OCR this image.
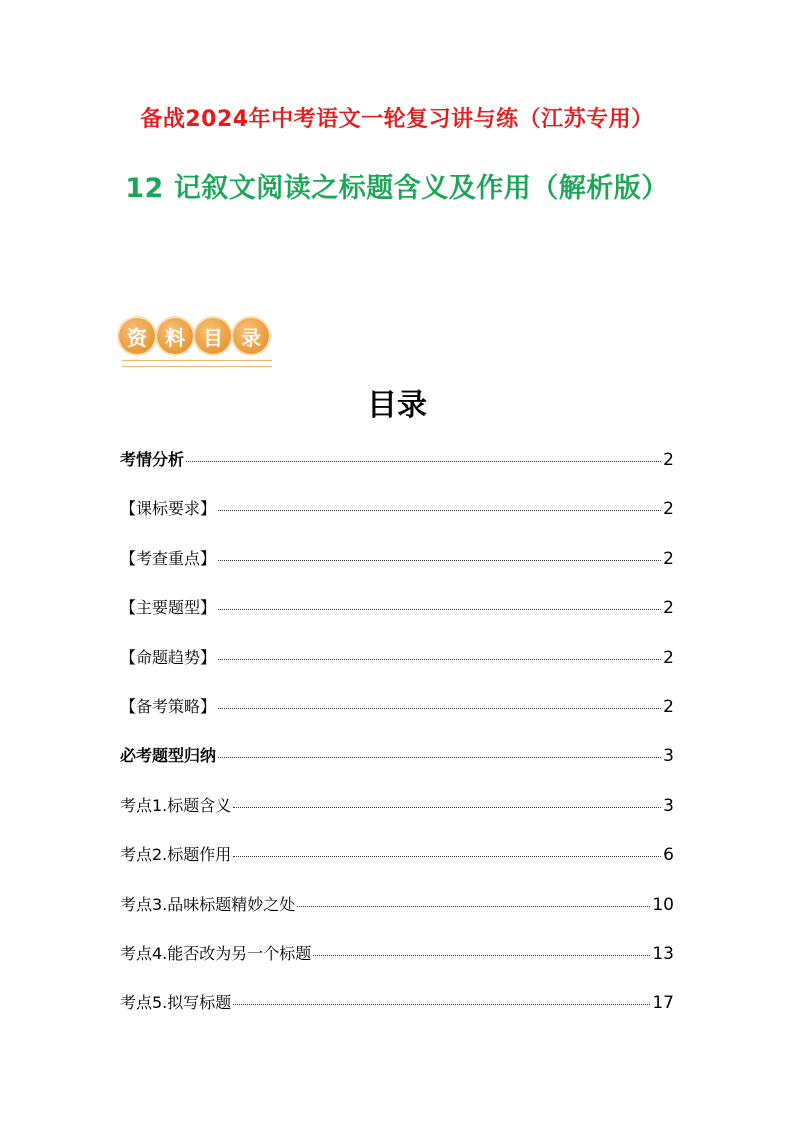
备战2024年中考语文一轮复习讲与练（江苏专用）
12 记叙文阅读之标题含义及作用（解析版）
资 料 目 录
目录
考情分析	2
【课标要求】	2
【考查重点】	2
【主要题型】	2
【命题趋势】	2
【备考策略】	2
必考题型归纳	3
考点1.标题含义	3
考点2.标题作用	6
考点3.品味标题精妙之处	10
考点4.能否改为另一个标题	13
考点5.拟写标题	17
